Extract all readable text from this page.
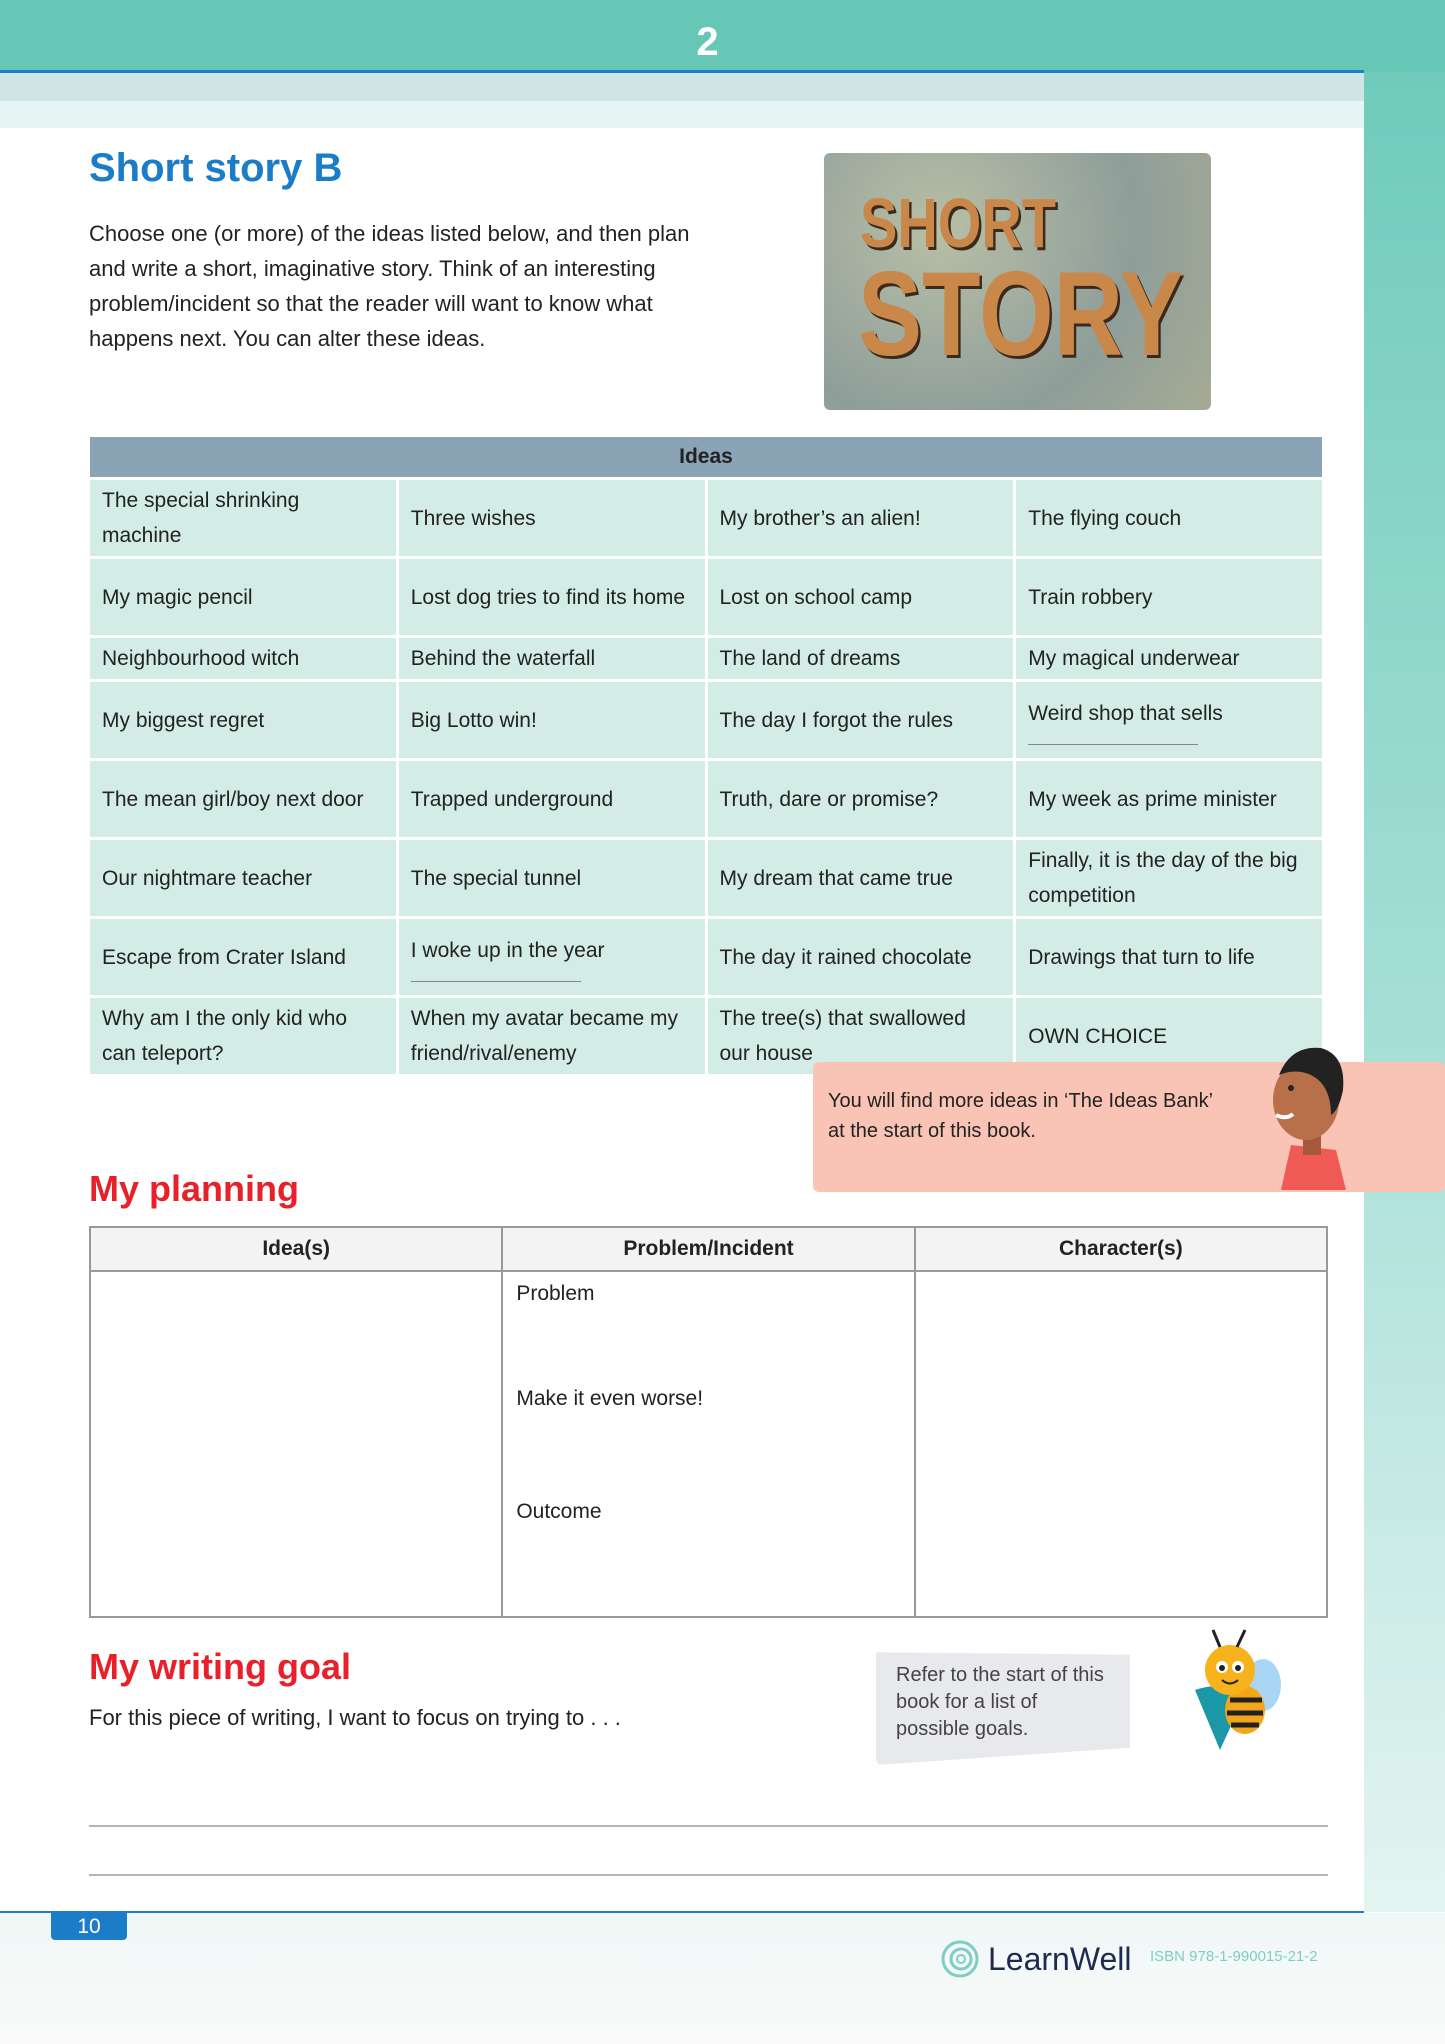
2
Short story B

Choose one (or more) of the ideas listed below, and then plan and write a short, imaginative story. Think of an interesting problem/incident so that the reader will want to know what happens next. You can alter these ideas.

SHORT
STORY
Ideas			
The special shrinking machine	Three wishes	My brother’s an alien!	The flying couch
My magic pencil	Lost dog tries to find its home	Lost on school camp	Train robbery
Neighbourhood witch	Behind the waterfall	The land of dreams	My magical underwear
My biggest regret	Big Lotto win!	The day I forgot the rules	Weird shop that sells

The mean girl/boy next door	Trapped underground	Truth, dare or promise?	My week as prime minister
Our nightmare teacher	The special tunnel	My dream that came true	Finally, it is the day of the big competition
Escape from Crater Island	I woke up in the year	The day it rained chocolate	Drawings that turn to life
Why am I the only kid who can teleport?	When my avatar became my friend/rival/enemy	The tree(s) that swallowed our house	OWN CHOICE

You will find more ideas in ‘The Ideas Bank’ at the start of this book.

My planning
Idea(s)	Problem/Incident	Character(s)

	Problem
Make it even worse!
Outcome	

My writing goal

For this piece of writing, I want to focus on trying to . . .

Refer to the start of this book for a list of possible goals.

10
LearnWell ISBN 978-1-990015-21-2
